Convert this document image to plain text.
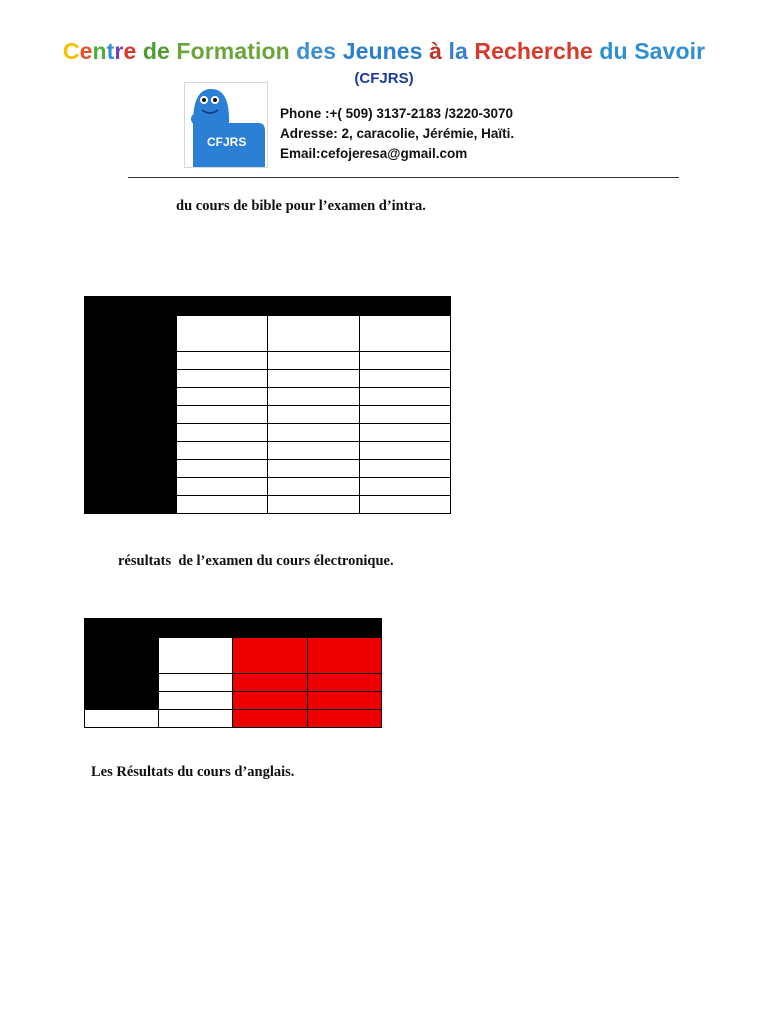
Centre de Formation des Jeunes à la Recherche du Savoir
(CFJRS)
CFJRS
Phone :+( 509) 3137-2183 /3220-3070
Adresse: 2, caracolie, Jérémie, Haïti.
Email:cefojeresa@gmail.com
du cours de bible pour l’examen d’intra.

résultats  de l’examen du cours électronique.

Les Résultats du cours d’anglais.
